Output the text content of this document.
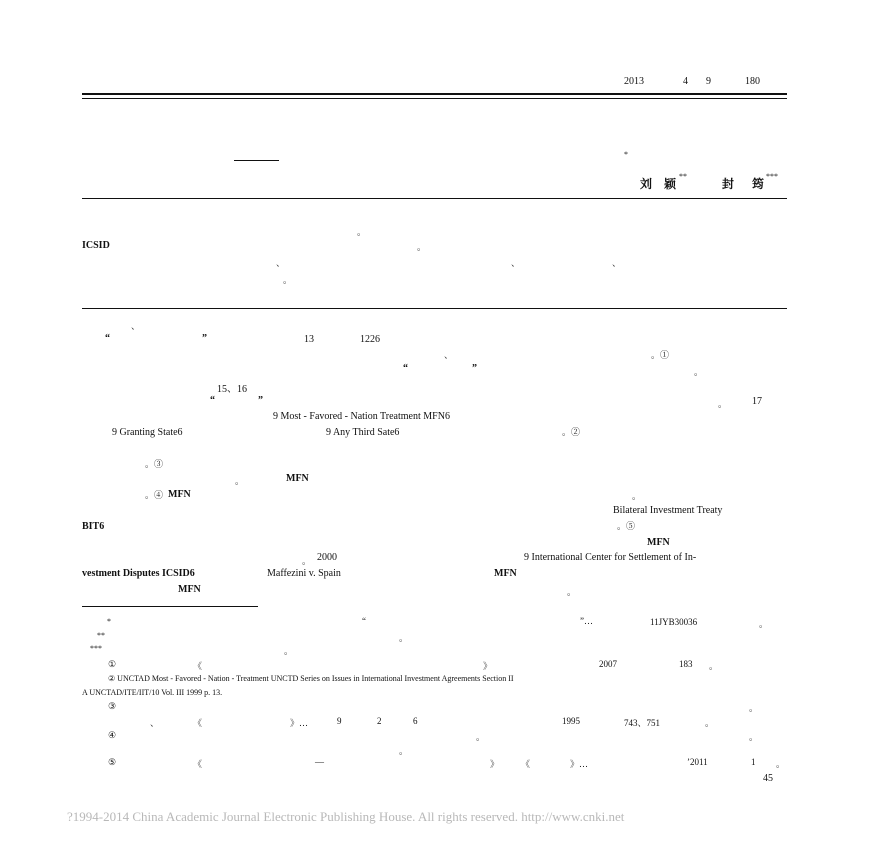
2013	4 9	180
*
刘 颖
**
封 筠
***
。
ICSID	。
、	、	、
。
、
“	”	13	1226
、	。①
“	”	。
15、16
“	”	。 17
9 Most - Favored - Nation Treatment MFN6
9 Granting State6	9 Any Third Sate6	。②
。③
。	MFN
。④ MFN	。
Bilateral Investment Treaty
BIT6	。⑤
MFN
。 2000	9 International Center for Settlement of In-
vestment Disputes ICSID6	Maffezini v. Spain	MFN
MFN	。
*	“	”…	11JYB30036	。
**	。
***	。
①	《	》	2007	183 。
② UNCTAD Most - Favored - Nation - Treatment UNCTD Series on Issues in International Investment Agreements Section II
A UNCTAD/ITE/IIT/10 Vol. III 1999 p. 13.
③	。
、	《	》…	9	2	6	1995	743、751	。
④	。	。
。
⑤	《	—	》 《	》…	’2011	1 。
45
?1994-2014 China Academic Journal Electronic Publishing House. All rights reserved. http://www.cnki.net
